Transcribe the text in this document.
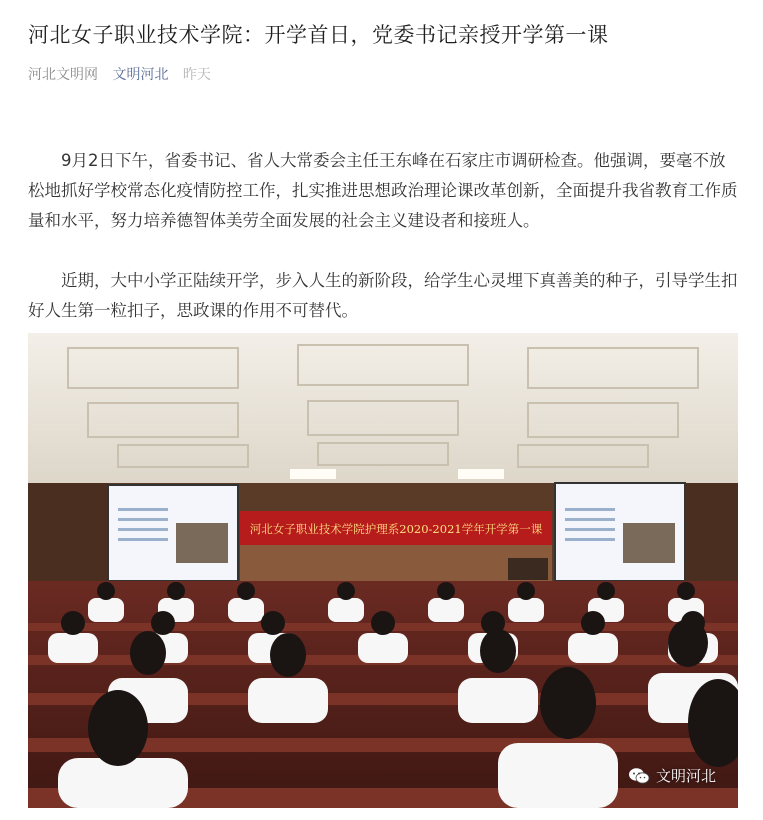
河北女子职业技术学院：开学首日，党委书记亲授开学第一课
河北文明网 文明河北 昨天

9月2日下午，省委书记、省人大常委会主任王东峰在石家庄市调研检查。他强调，要毫不放松地抓好学校常态化疫情防控工作，扎实推进思想政治理论课改革创新，全面提升我省教育工作质量和水平，努力培养德智体美劳全面发展的社会主义建设者和接班人。

近期，大中小学正陆续开学，步入人生的新阶段，给学生心灵埋下真善美的种子，引导学生扣好人生第一粒扣子，思政课的作用不可替代。

河北女子职业技术学院护理系2020-2021学年开学第一课
文明河北
